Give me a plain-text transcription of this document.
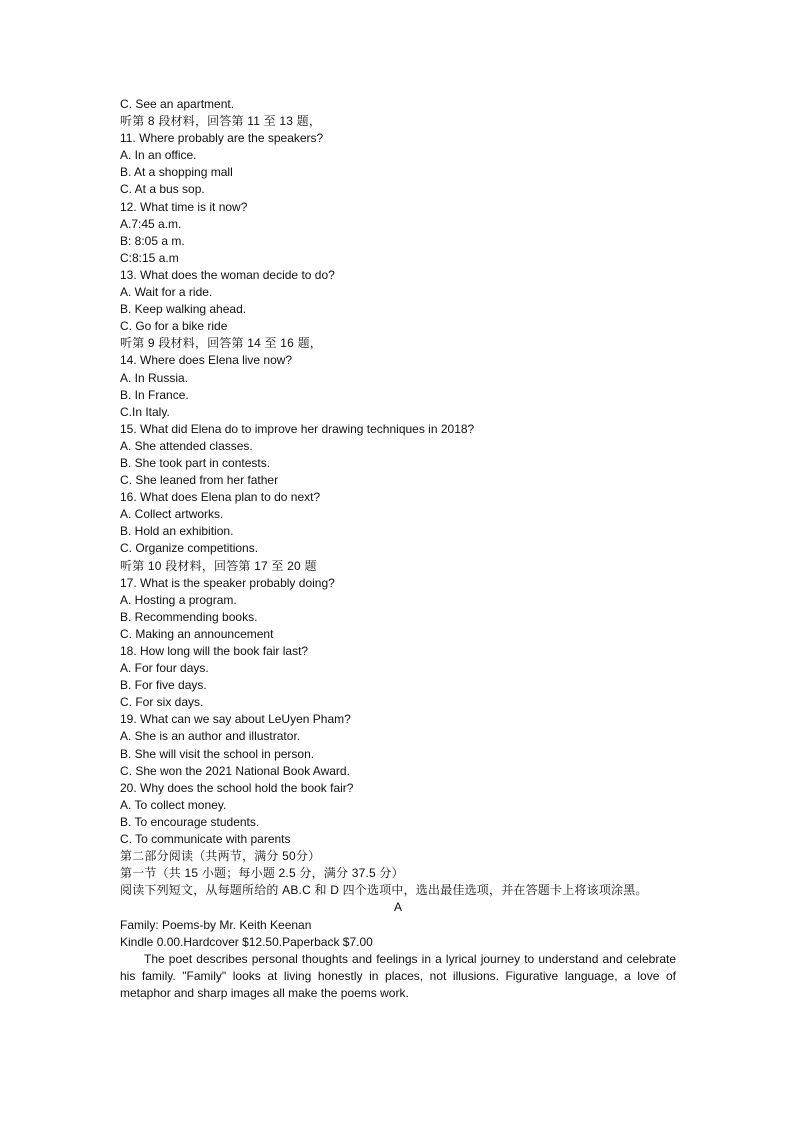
C. See an apartment.
听第 8 段材料，回答第 11 至 13 题，
11. Where probably are the speakers?
A. In an office.
B. At a shopping mall
C. At a bus sop.
12. What time is it now?
A.7:45 a.m.
B: 8:05 a m.
C:8:15 a.m
13. What does the woman decide to do?
A. Wait for a ride.
B. Keep walking ahead.
C. Go for a bike ride
听第 9 段材料，回答第 14 至 16 题，
14. Where does Elena live now?
A. In Russia.
B. In France.
C.In Italy.
15. What did Elena do to improve her drawing techniques in 2018?
A. She attended classes.
B. She took part in contests.
C. She leaned from her father
16. What does Elena plan to do next?
A. Collect artworks.
B. Hold an exhibition.
C. Organize competitions.
听第 10 段材料，回答第 17 至 20 题
17. What is the speaker probably doing?
A. Hosting a program.
B. Recommending books.
C. Making an announcement
18. How long will the book fair last?
A. For four days.
B. For five days.
C. For six days.
19. What can we say about LeUyen Pham?
A. She is an author and illustrator.
B. She will visit the school in person.
C. She won the 2021 National Book Award.
20. Why does the school hold the book fair?
A. To collect money.
B. To encourage students.
C. To communicate with parents
第二部分阅读（共两节，满分 50分）
第一节（共 15 小题；每小题 2.5 分，满分 37.5 分）
阅读下列短文，从每题所给的 AB.C 和 D 四个选项中，选出最佳选项，并在答题卡上将该项涂黑。
A
Family: Poems-by Mr. Keith Keenan
Kindle 0.00.Hardcover $12.50.Paperback $7.00

The poet describes personal thoughts and feelings in a lyrical journey to understand and celebrate his family. "Family" looks at living honestly in places, not illusions. Figurative language, a love of metaphor and sharp images all make the poems work.
